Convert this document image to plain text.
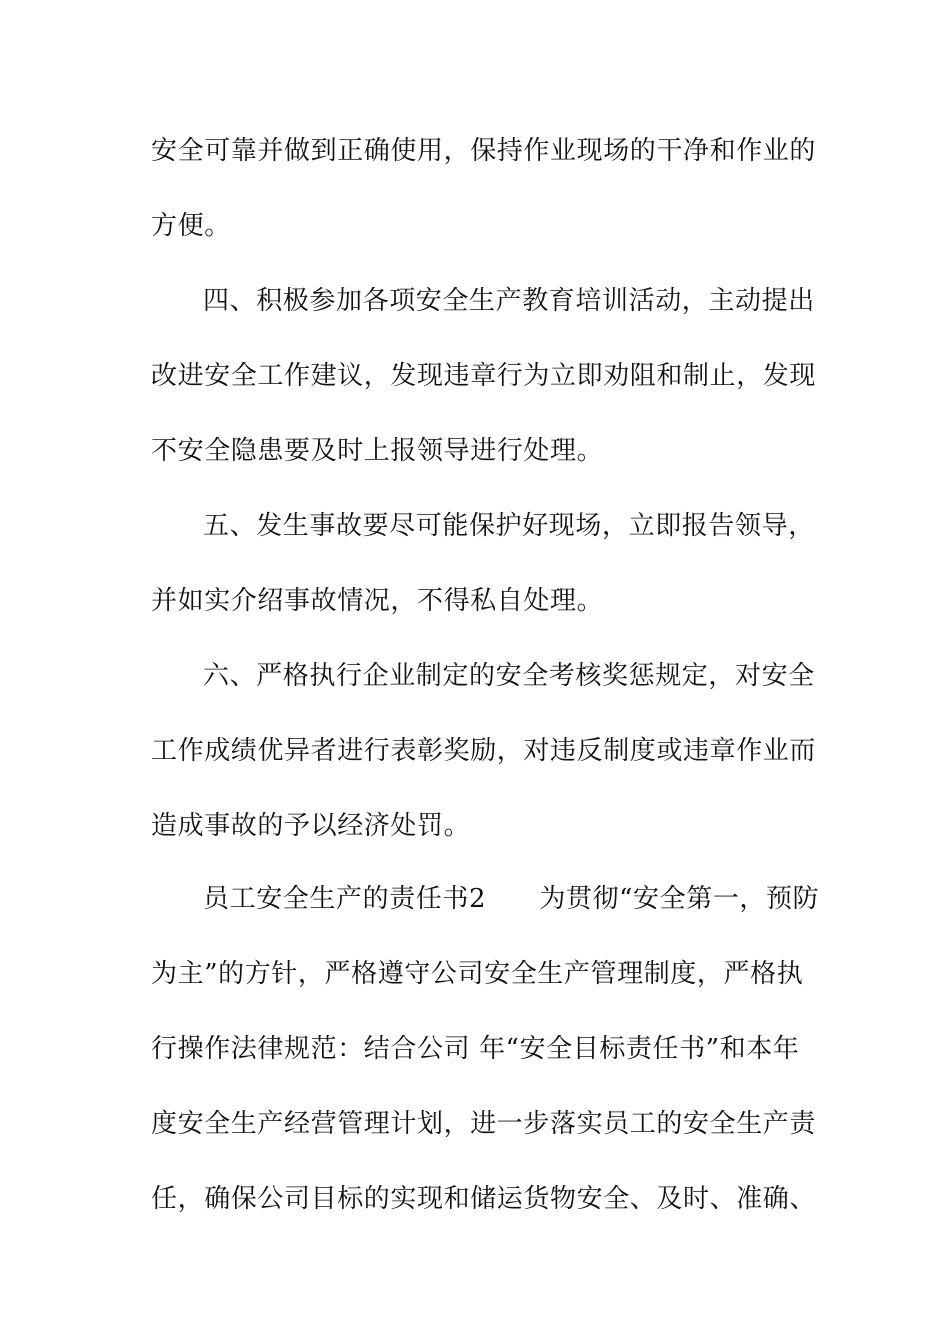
安全可靠并做到正确使用，保持作业现场的干净和作业的
方便。
四、积极参加各项安全生产教育培训活动，主动提出
改进安全工作建议，发现违章行为立即劝阻和制止，发现
不安全隐患要及时上报领导进行处理。
五、发生事故要尽可能保护好现场，立即报告领导，
并如实介绍事故情况，不得私自处理。
六、严格执行企业制定的安全考核奖惩规定，对安全
工作成绩优异者进行表彰奖励，对违反制度或违章作业而
造成事故的予以经济处罚。
员工安全生产的责任书2　　为贯彻“安全第一，预防
为主”的方针，严格遵守公司安全生产管理制度，严格执
行操作法律规范：结合公司 年“安全目标责任书”和本年
度安全生产经营管理计划，进一步落实员工的安全生产责
任，确保公司目标的实现和储运货物安全、及时、准确、
